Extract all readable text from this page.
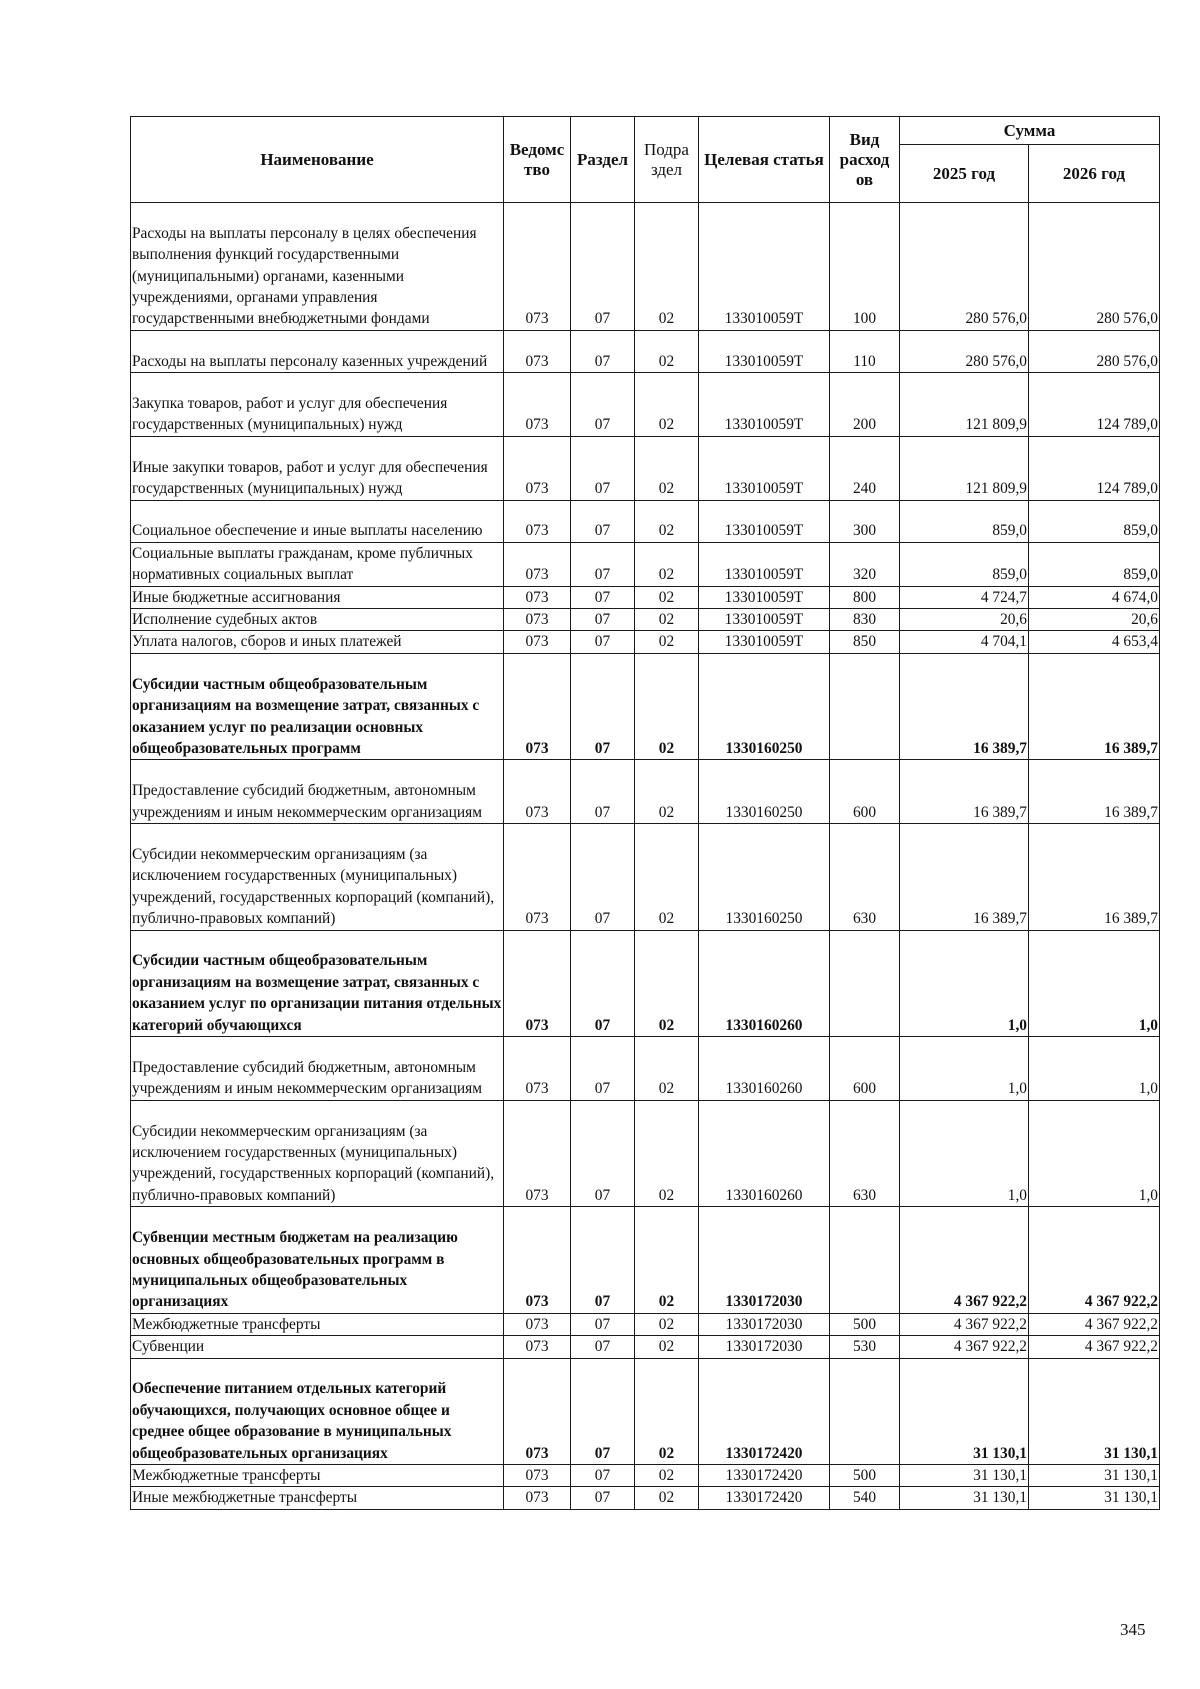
Наименование	Ведомс тво	Раздел	Подра здел	Целевая статья	Вид расход ов	Сумма	
						2025 год	2026 год
Расходы на выплаты персоналу в целях обеспечения выполнения функций государственными (муниципальными) органами, казенными учреждениями, органами управления государственными внебюджетными фондами	073	07	02	133010059Т	100	280 576,0	280 576,0
Расходы на выплаты персоналу казенных учреждений	073	07	02	133010059Т	110	280 576,0	280 576,0
Закупка товаров, работ и услуг для обеспечения государственных (муниципальных) нужд	073	07	02	133010059Т	200	121 809,9	124 789,0
Иные закупки товаров, работ и услуг для обеспечения государственных (муниципальных) нужд	073	07	02	133010059Т	240	121 809,9	124 789,0
Социальное обеспечение и иные выплаты населению	073	07	02	133010059Т	300	859,0	859,0
Социальные выплаты гражданам, кроме публичных нормативных социальных выплат	073	07	02	133010059Т	320	859,0	859,0
Иные бюджетные ассигнования	073	07	02	133010059Т	800	4 724,7	4 674,0
Исполнение судебных актов	073	07	02	133010059Т	830	20,6	20,6
Уплата налогов, сборов и иных платежей	073	07	02	133010059Т	850	4 704,1	4 653,4
Субсидии частным общеобразовательным организациям на возмещение затрат, связанных с оказанием услуг по реализации основных общеобразовательных программ	073	07	02	1330160250		16 389,7	16 389,7
Предоставление субсидий бюджетным, автономным учреждениям и иным некоммерческим организациям	073	07	02	1330160250	600	16 389,7	16 389,7
Субсидии некоммерческим организациям (за исключением государственных (муниципальных) учреждений, государственных корпораций (компаний), публично-правовых компаний)	073	07	02	1330160250	630	16 389,7	16 389,7
Субсидии частным общеобразовательным организациям на возмещение затрат, связанных с оказанием услуг по организации питания отдельных категорий обучающихся	073	07	02	1330160260		1,0	1,0
Предоставление субсидий бюджетным, автономным учреждениям и иным некоммерческим организациям	073	07	02	1330160260	600	1,0	1,0
Субсидии некоммерческим организациям (за исключением государственных (муниципальных) учреждений, государственных корпораций (компаний), публично-правовых компаний)	073	07	02	1330160260	630	1,0	1,0
Субвенции местным бюджетам на реализацию основных общеобразовательных программ в муниципальных общеобразовательных организациях	073	07	02	1330172030		4 367 922,2	4 367 922,2
Межбюджетные трансферты	073	07	02	1330172030	500	4 367 922,2	4 367 922,2
Субвенции	073	07	02	1330172030	530	4 367 922,2	4 367 922,2
Обеспечение питанием отдельных категорий обучающихся, получающих основное общее и среднее общее образование в муниципальных общеобразовательных организациях	073	07	02	1330172420		31 130,1	31 130,1
Межбюджетные трансферты	073	07	02	1330172420	500	31 130,1	31 130,1
Иные межбюджетные трансферты	073	07	02	1330172420	540	31 130,1	31 130,1
345
